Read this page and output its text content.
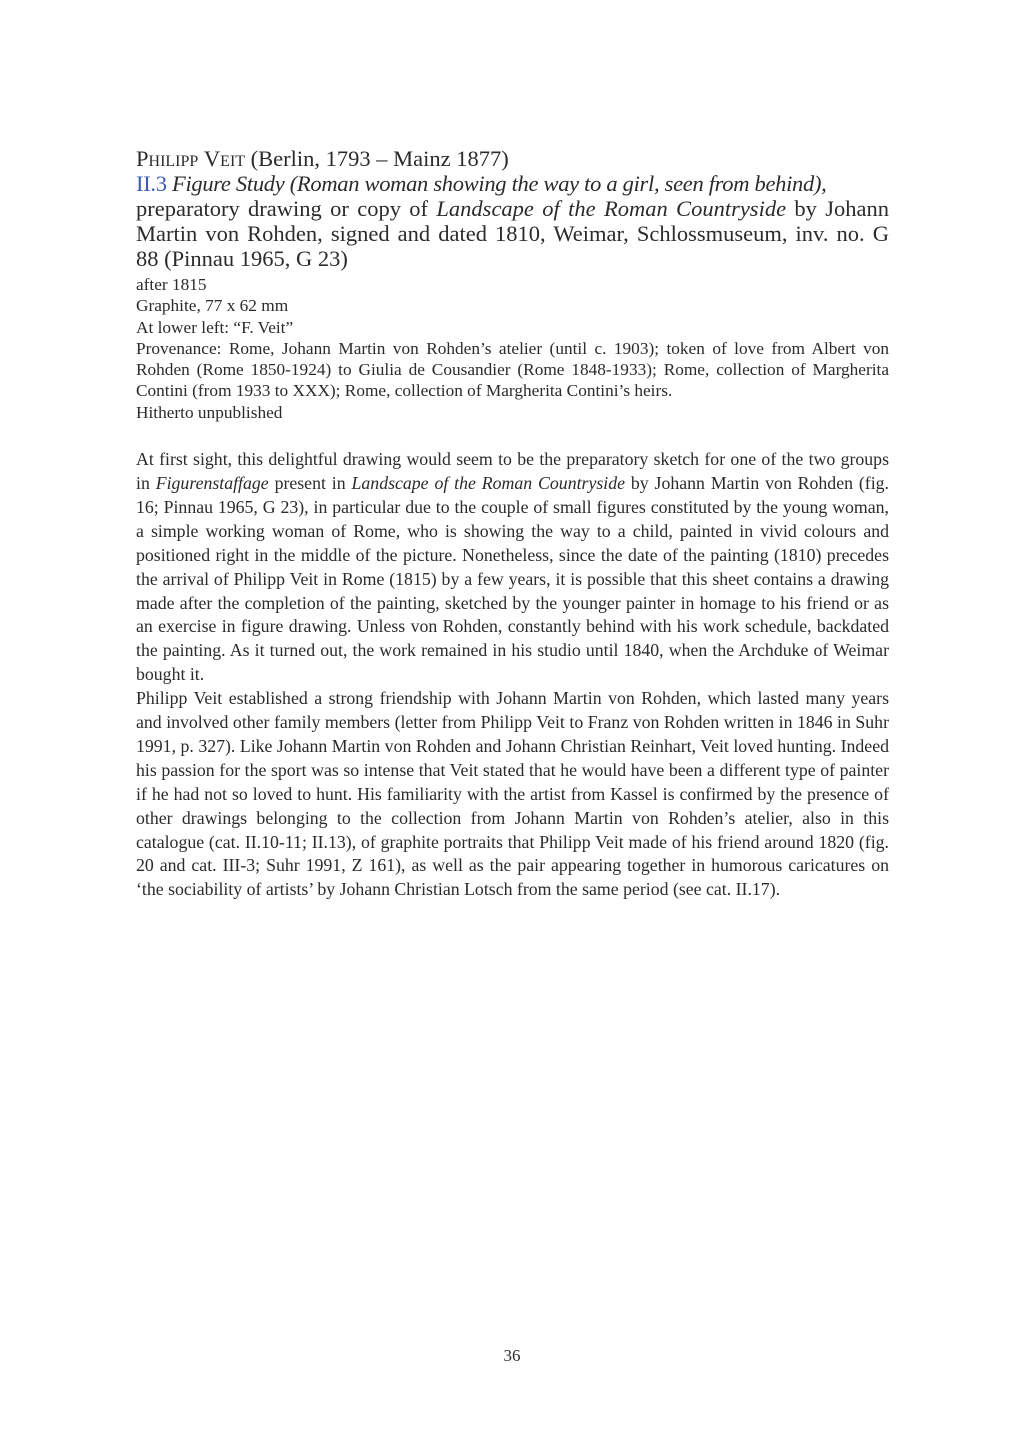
Philipp Veit (Berlin, 1793 – Mainz 1877)
II.3 Figure Study (Roman woman showing the way to a girl, seen from behind),
preparatory drawing or copy of Landscape of the Roman Countryside by Johann Martin von Rohden, signed and dated 1810, Weimar, Schlossmuseum, inv. no. G 88 (Pinnau 1965, G 23)

after 1815

Graphite, 77 x 62 mm

At lower left: “F. Veit”

Provenance: Rome, Johann Martin von Rohden’s atelier (until c. 1903); token of love from Albert von Rohden (Rome 1850-1924) to Giulia de Cousandier (Rome 1848-1933); Rome, collection of Margherita Contini (from 1933 to XXX); Rome, collection of Margherita Contini’s heirs.

Hitherto unpublished

At first sight, this delightful drawing would seem to be the preparatory sketch for one of the two groups in Figurenstaffage present in Landscape of the Roman Countryside by Johann Martin von Rohden (fig. 16; Pinnau 1965, G 23), in particular due to the couple of small figures constituted by the young woman, a simple working woman of Rome, who is showing the way to a child, painted in vivid colours and positioned right in the middle of the picture. Nonetheless, since the date of the painting (1810) precedes the arrival of Philipp Veit in Rome (1815) by a few years, it is possible that this sheet contains a drawing made after the completion of the painting, sketched by the younger painter in homage to his friend or as an exercise in figure drawing. Unless von Rohden, constantly behind with his work schedule, backdated the painting. As it turned out, the work remained in his studio until 1840, when the Archduke of Weimar bought it.

Philipp Veit established a strong friendship with Johann Martin von Rohden, which lasted many years and involved other family members (letter from Philipp Veit to Franz von Rohden written in 1846 in Suhr 1991, p. 327). Like Johann Martin von Rohden and Johann Christian Reinhart, Veit loved hunting. Indeed his passion for the sport was so intense that Veit stated that he would have been a different type of painter if he had not so loved to hunt. His familiarity with the artist from Kassel is confirmed by the presence of other drawings belonging to the collection from Johann Martin von Rohden’s atelier, also in this catalogue (cat. II.10-11; II.13), of graphite portraits that Philipp Veit made of his friend around 1820 (fig. 20 and cat. III-3; Suhr 1991, Z 161), as well as the pair appearing together in humorous caricatures on ‘the sociability of artists’ by Johann Christian Lotsch from the same period (see cat. II.17).

36
